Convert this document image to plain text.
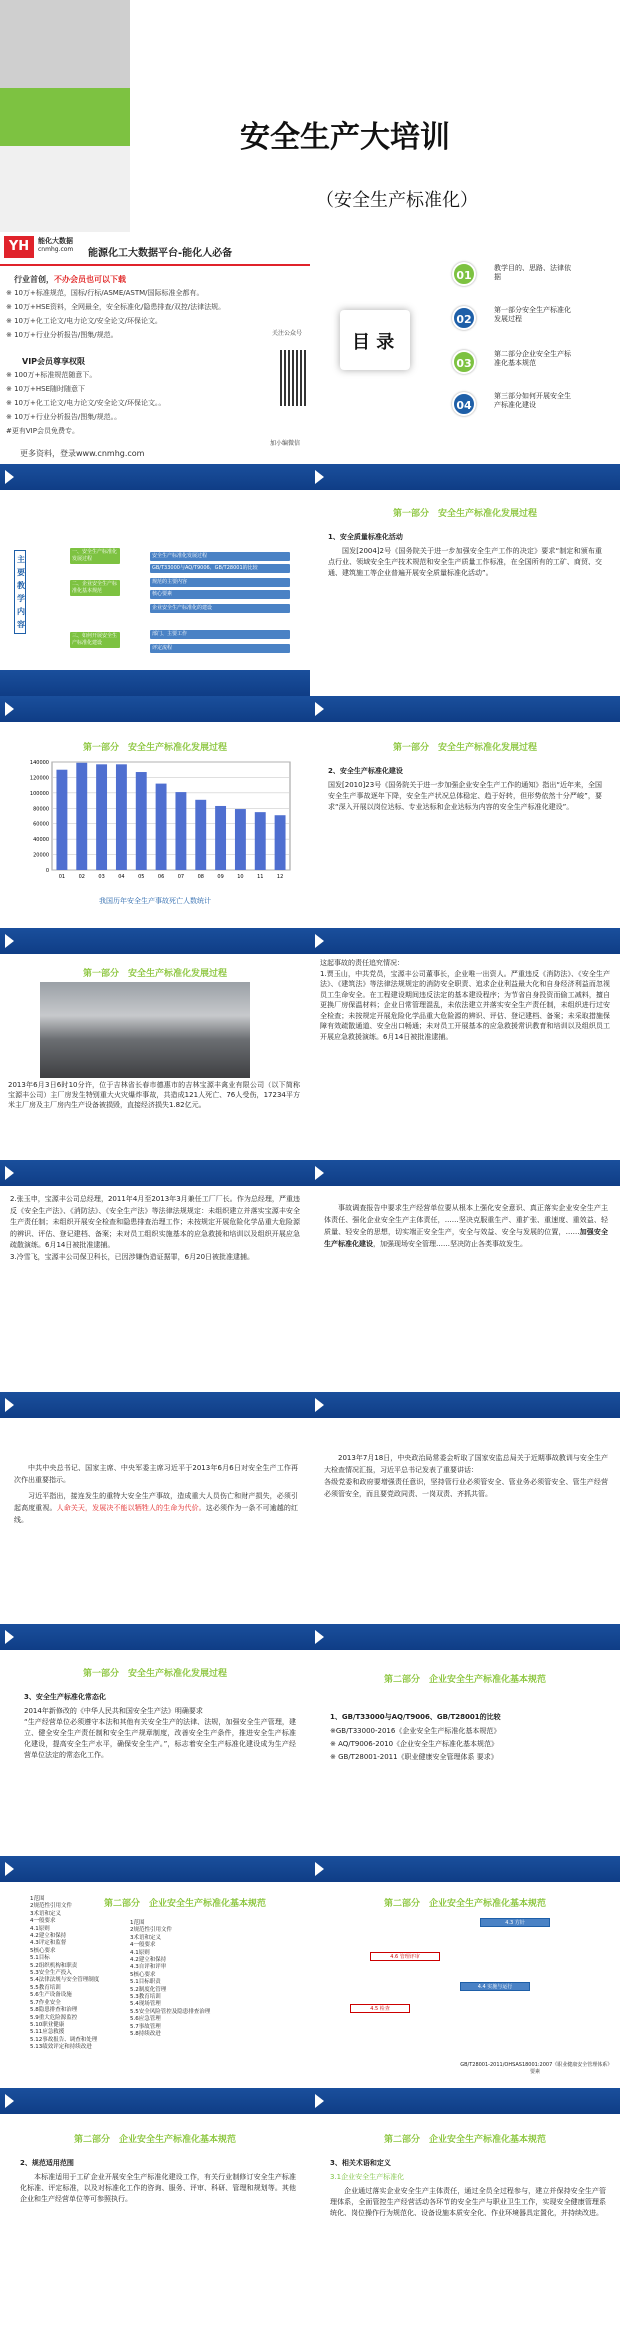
安全生产大培训
（安全生产标准化）
YH	能化大数据
cnmhg.com 能源化工大数据平台-能化人必备
行业首创，不办会员也可以下载
※ 10万+标准规范，国标/行标/ASME/ASTM/国际标准全都有。
※ 10万+HSE资料，全网最全，安全标准化/隐患排查/双控/法律法规。
※ 10万+化工论文/电力论文/安全论文/环保论文。
※ 10万+行业分析报告/图集/规范。
VIP会员尊享权限
※ 100万+标准规范随意下。
※ 10万+HSE随时随意下
※ 10万+化工论文/电力论文/安全论文/环保论文。。
※ 10万+行业分析报告/图集/规范。。
#更有VIP会员免费专。
更多资料，登录www.cnmhg.com
关注公众号
加小编微信
目 录
01
教学目的、思路、法律依据
02
第一部分安全生产标准化发展过程
03
第二部分企业安全生产标准化基本规范
04
第三部分如何开展安全生产标准化建设
主要教学内容
一、安全生产标准化发展过程
二、企业安全生产标准化基本规范
三、如何开展安全生产标准化建设
安全生产标准化发展过程
GB/T33000与AQ/T9006、GB/T28001的比较
规范的主要内容
核心要素
企业安全生产标准化的建设
部门、主要工作
评定流程
第一部分　安全生产标准化发展过程
1、安全质量标准化活动
国发[2004]2号《国务院关于进一步加强安全生产工作的决定》要求“制定和颁布重点行业、领域安全生产技术规范和安全生产质量工作标准，在全国所有的工矿、商贸、交通、建筑施工等企业普遍开展安全质量标准化活动”。
第一部分　安全生产标准化发展过程
0
20000
40000
60000
80000
100000
120000
140000
01	02	03	04	05	06	07	08	09	10	11	12
我国历年安全生产事故死亡人数统计
第一部分　安全生产标准化发展过程
2、安全生产标准化建设
国发[2010]23号《国务院关于进一步加强企业安全生产工作的通知》指出“近年来，全国安全生产事故逐年下降，安全生产状况总体稳定、趋于好转，但形势依然十分严峻”，要求“深入开展以岗位达标、专业达标和企业达标为内容的安全生产标准化建设”。
第一部分　安全生产标准化发展过程
2013年6月3日6时10分许，位于吉林省长春市德惠市的吉林宝源丰禽业有限公司（以下简称宝源丰公司）主厂房发生特别重大火灾爆炸事故，共造成121人死亡、76人受伤，17234平方米主厂房及主厂房内生产设备被损毁，直接经济损失1.82亿元。
这起事故的责任追究情况：
1.贾玉山，中共党员，宝源丰公司董事长，企业唯一出资人。严重违反《消防法》、《安全生产法》、《建筑法》等法律法规规定的消防安全职责、追求企业利益最大化和自身经济利益而忽视员工生命安全。在工程建设期间违反法定的基本建设程序；为节省自身投资而偷工减料，擅自更换厂房保温材料；企业日常管理混乱，未依法建立并落实安全生产责任制，未组织进行过安全检查；未按规定开展危险化学品重大危险源的辨识、评估、登记建档、备案；未采取措施保障有效疏散通道、安全出口畅通；未对员工开展基本的应急救援常识教育和培训以及组织员工开展应急救援演练。6月14日被批准逮捕。
2.张玉申，宝源丰公司总经理，2011年4月至2013年3月兼任工厂厂长。作为总经理，严重违反《安全生产法》、《消防法》、《安全生产法》等法律法规规定：未组织建立并落实宝源丰安全生产责任制；未组织开展安全检查和隐患排查治理工作；未按规定开展危险化学品重大危险源的辨识、评估、登记建档、备案；未对员工组织实施基本的应急救援和培训以及组织开展应急疏散演练。6月14日被批准逮捕。
3.冷雪飞，宝源丰公司保卫科长，已因涉嫌伪造证据罪，6月20日被批准逮捕。
事故调查报告中要求生产经营单位要从根本上强化安全意识、真正落实企业安全生产主体责任、强化企业安全生产主体责任，……坚决克服重生产、重扩张、重速度、重效益、轻质量、轻安全的思想，切实端正安全生产，安全与效益、安全与发展的位置，……加强安全生产标准化建设，加强现场安全管理……坚决防止各类事故发生。
中共中央总书记、国家主席、中央军委主席习近平于2013年6月6日对安全生产工作再次作出重要指示。
习近平指出，接连发生的重特大安全生产事故，造成重大人员伤亡和财产损失，必须引起高度重视。人命关天，发展决不能以牺牲人的生命为代价。这必须作为一条不可逾越的红线。
2013年7月18日，中央政治局常委会听取了国家安监总局关于近期事故教训与安全生产大检查情况汇报，习近平总书记发表了重要讲话：
各级党委和政府要增强责任意识，坚持管行业必须管安全、管业务必须管安全、管生产经营必须管安全，而且要党政同责、一岗双责、齐抓共管。
第一部分　安全生产标准化发展过程
3、安全生产标准化常态化
2014年新修改的《中华人民共和国安全生产法》明确要求
“生产经营单位必须遵守本法和其他有关安全生产的法律、法规，加强安全生产管理，建立、健全安全生产责任制和安全生产规章制度，改善安全生产条件，推进安全生产标准化建设，提高安全生产水平，确保安全生产。”，标志着安全生产标准化建设成为生产经营单位法定的常态化工作。
第二部分　企业安全生产标准化基本规范
1、GB/T33000与AQ/T9006、GB/T28001的比较
※GB/T33000-2016《企业安全生产标准化基本规范》
※ AQ/T9006-2010《企业安全生产标准化基本规范》
※ GB/T28001-2011《职业健康安全管理体系 要求》
第二部分　企业安全生产标准化基本规范
1范围
2规范性引用文件
3术语和定义
4一般要求
4.1原则
4.2建立和保持
4.3评定和监督
5核心要求
5.1目标
5.2组织机构和职责
5.3安全生产投入
5.4法律法规与安全管理制度
5.5教育培训
5.6生产设备设施
5.7作业安全
5.8隐患排查和治理
5.9重大危险源监控
5.10职业健康
5.11应急救援
5.12事故报告、调查和处理
5.13绩效评定和持续改进
1范围
2规范性引用文件
3术语和定义
4一般要求
4.1原则
4.2建立和保持
4.3自评和评审
5核心要求
5.1目标职责
5.2制度化管理
5.3教育培训
5.4现场管理
5.5安全风险管控及隐患排查治理
5.6应急管理
5.7事故管理
5.8持续改进
第二部分　企业安全生产标准化基本规范
4.3 方针
4.4 实施与运行
4.5 检查
4.6 管理评审
GB/T28001-2011/OHSAS18001:2007《职业健康安全管理体系》要素
第二部分　企业安全生产标准化基本规范
2、规范适用范围
本标准适用于工矿企业开展安全生产标准化建设工作，有关行业制修订安全生产标准化标准、评定标准，以及对标准化工作的咨询、服务、评审、科研、管理和规划等。其他企业和生产经营单位等可参照执行。
第二部分　企业安全生产标准化基本规范
3、相关术语和定义
3.1企业安全生产标准化
企业通过落实企业安全生产主体责任，通过全员全过程参与，建立并保持安全生产管理体系，全面管控生产经营活动各环节的安全生产与职业卫生工作，实现安全健康管理系统化、岗位操作行为规范化、设备设施本质安全化、作业环境器具定置化，并持续改进。
